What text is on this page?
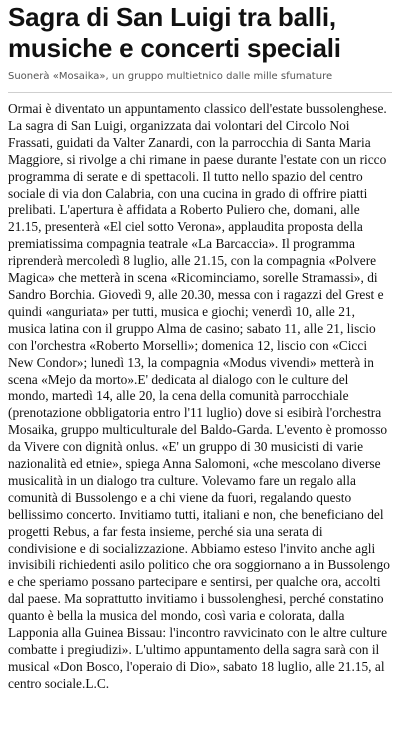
Sagra di San Luigi tra balli, musiche e concerti speciali
Suonerà «Mosaika», un gruppo multietnico dalle mille sfumature

Ormai è diventato un appuntamento classico dell'estate bussolenghese. La sagra di San Luigi, organizzata dai volontari del Circolo Noi Frassati, guidati da Valter Zanardi, con la parrocchia di Santa Maria Maggiore, si rivolge a chi rimane in paese durante l'estate con un ricco programma di serate e di spettacoli. Il tutto nello spazio del centro sociale di via don Calabria, con una cucina in grado di offrire piatti prelibati. L'apertura è affidata a Roberto Puliero che, domani, alle 21.15, presenterà «El ciel sotto Verona», applaudita proposta della premiatissima compagnia teatrale «La Barcaccia». Il programma riprenderà mercoledì 8 luglio, alle 21.15, con la compagnia «Polvere Magica» che metterà in scena «Ricominciamo, sorelle Stramassi», di Sandro Borchia. Giovedì 9, alle 20.30, messa con i ragazzi del Grest e quindi «anguriata» per tutti, musica e giochi; venerdì 10, alle 21, musica latina con il gruppo Alma de casino; sabato 11, alle 21, liscio con l'orchestra «Roberto Morselli»; domenica 12, liscio con «Cicci New Condor»; lunedì 13, la compagnia «Modus vivendi» metterà in scena «Mejo da morto».E' dedicata al dialogo con le culture del mondo, martedì 14, alle 20, la cena della comunità parrocchiale (prenotazione obbligatoria entro l'11 luglio) dove si esibirà l'orchestra Mosaika, gruppo multiculturale del Baldo-Garda. L'evento è promosso da Vivere con dignità onlus. «E' un gruppo di 30 musicisti di varie nazionalità ed etnie», spiega Anna Salomoni, «che mescolano diverse musicalità in un dialogo tra culture. Volevamo fare un regalo alla comunità di Bussolengo e a chi viene da fuori, regalando questo bellissimo concerto. Invitiamo tutti, italiani e non, che beneficiano del progetti Rebus, a far festa insieme, perché sia una serata di condivisione e di socializzazione. Abbiamo esteso l'invito anche agli invisibili richiedenti asilo politico che ora soggiornano a in Bussolengo e che speriamo possano partecipare e sentirsi, per qualche ora, accolti dal paese. Ma soprattutto invitiamo i bussolenghesi, perché constatino quanto è bella la musica del mondo, così varia e colorata, dalla Lapponia alla Guinea Bissau: l'incontro ravvicinato con le altre culture combatte i pregiudizi». L'ultimo appuntamento della sagra sarà con il musical «Don Bosco, l'operaio di Dio», sabato 18 luglio, alle 21.15, al centro sociale.L.C.
